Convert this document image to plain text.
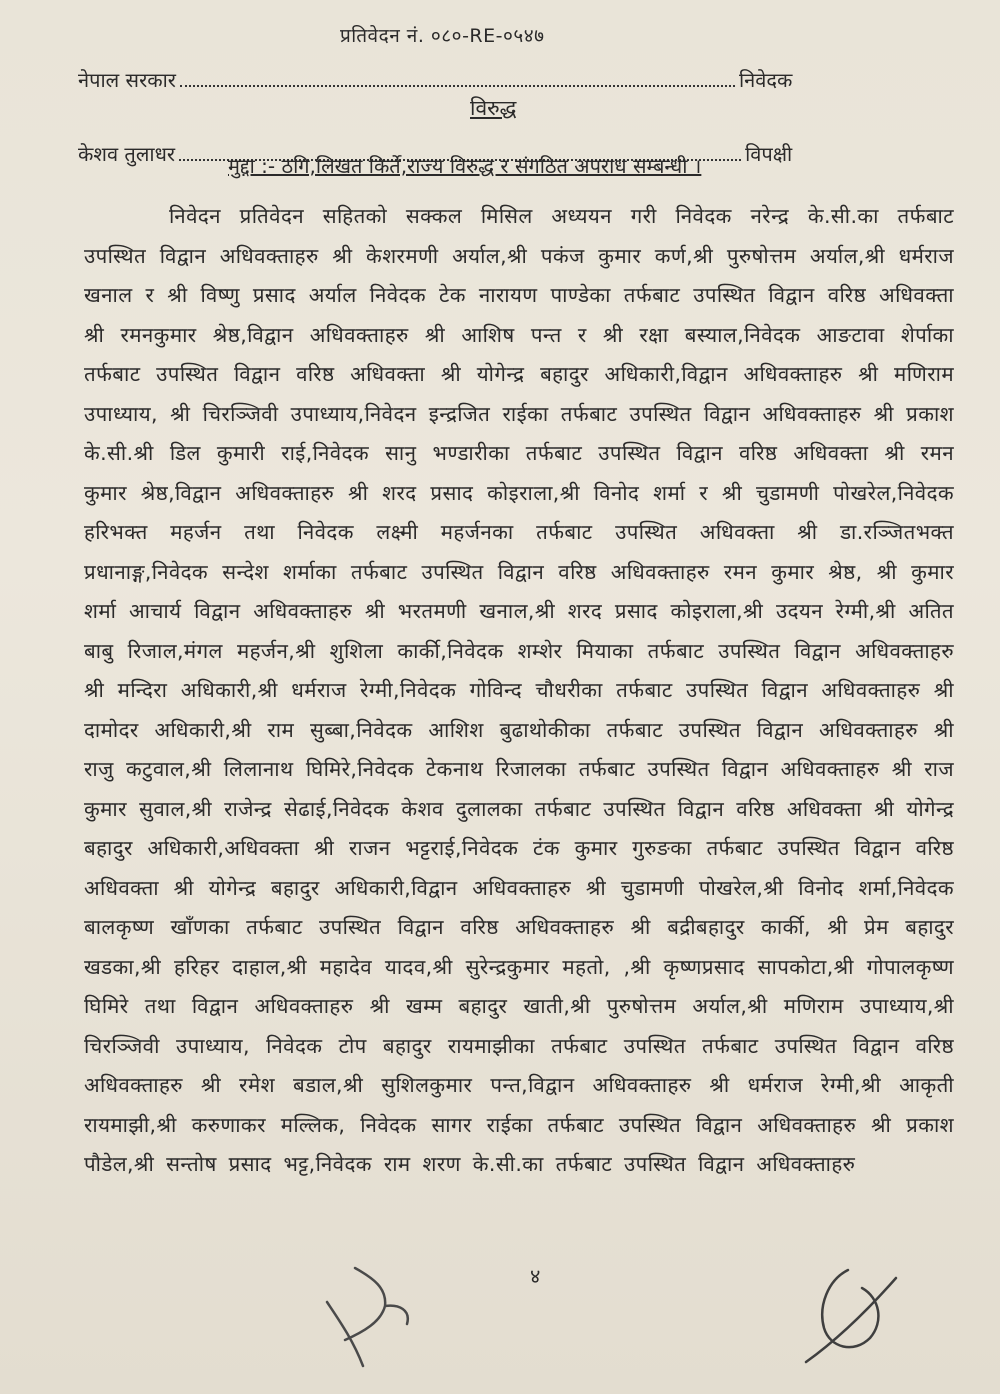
प्रतिवेदन नं. ०८०-RE-०५४७
नेपाल सरकार	निवेदक
विरुद्ध
केशव तुलाधर	विपक्षी
मुद्दा :- ठगि,लिखत किर्ते,राज्य विरुद्ध र संगठित अपराध सम्बन्धी ।
निवेदन प्रतिवेदन सहितको सक्कल मिसिल अध्ययन गरी निवेदक नरेन्द्र के.सी.का तर्फबाट उपस्थित विद्वान अधिवक्ताहरु श्री केशरमणी अर्याल,श्री पकंज कुमार कर्ण,श्री पुरुषोत्तम अर्याल,श्री धर्मराज खनाल र श्री विष्णु प्रसाद अर्याल निवेदक टेक नारायण पाण्डेका तर्फबाट उपस्थित विद्वान वरिष्ठ अधिवक्ता श्री रमनकुमार श्रेष्ठ,विद्वान अधिवक्ताहरु श्री आशिष पन्त र श्री रक्षा बस्याल,निवेदक आङटावा शेर्पाका तर्फबाट उपस्थित विद्वान वरिष्ठ अधिवक्ता श्री योगेन्द्र बहादुर अधिकारी,विद्वान अधिवक्ताहरु श्री मणिराम उपाध्याय, श्री चिरञ्जिवी उपाध्याय,निवेदन इन्द्रजित राईका तर्फबाट उपस्थित विद्वान अधिवक्ताहरु श्री प्रकाश के.सी.श्री डिल कुमारी राई,निवेदक सानु भण्डारीका तर्फबाट उपस्थित विद्वान वरिष्ठ अधिवक्ता श्री रमन कुमार श्रेष्ठ,विद्वान अधिवक्ताहरु श्री शरद प्रसाद कोइराला,श्री विनोद शर्मा र श्री चुडामणी पोखरेल,निवेदक हरिभक्त महर्जन तथा निवेदक लक्ष्मी महर्जनका तर्फबाट उपस्थित अधिवक्ता श्री डा.रञ्जितभक्त प्रधानाङ्ग,निवेदक सन्देश शर्माका तर्फबाट उपस्थित विद्वान वरिष्ठ अधिवक्ताहरु रमन कुमार श्रेष्ठ, श्री कुमार शर्मा आचार्य विद्वान अधिवक्ताहरु श्री भरतमणी खनाल,श्री शरद प्रसाद कोइराला,श्री उदयन रेग्मी,श्री अतित बाबु रिजाल,मंगल महर्जन,श्री शुशिला कार्की,निवेदक शम्शेर मियाका तर्फबाट उपस्थित विद्वान अधिवक्ताहरु श्री मन्दिरा अधिकारी,श्री धर्मराज रेग्मी,निवेदक गोविन्द चौधरीका तर्फबाट उपस्थित विद्वान अधिवक्ताहरु श्री दामोदर अधिकारी,श्री राम सुब्बा,निवेदक आशिश बुढाथोकीका तर्फबाट उपस्थित विद्वान अधिवक्ताहरु श्री राजु कटुवाल,श्री लिलानाथ घिमिरे,निवेदक टेकनाथ रिजालका तर्फबाट उपस्थित विद्वान अधिवक्ताहरु श्री राज कुमार सुवाल,श्री राजेन्द्र सेढाई,निवेदक केशव दुलालका तर्फबाट उपस्थित विद्वान वरिष्ठ अधिवक्ता श्री योगेन्द्र बहादुर अधिकारी,अधिवक्ता श्री राजन भट्टराई,निवेदक टंक कुमार गुरुङका तर्फबाट उपस्थित विद्वान वरिष्ठ अधिवक्ता श्री योगेन्द्र बहादुर अधिकारी,विद्वान अधिवक्ताहरु श्री चुडामणी पोखरेल,श्री विनोद शर्मा,निवेदक बालकृष्ण खाँणका तर्फबाट उपस्थित विद्वान वरिष्ठ अधिवक्ताहरु श्री बद्रीबहादुर कार्की, श्री प्रेम बहादुर खडका,श्री हरिहर दाहाल,श्री महादेव यादव,श्री सुरेन्द्रकुमार महतो, ,श्री कृष्णप्रसाद सापकोटा,श्री गोपालकृष्ण घिमिरे तथा विद्वान अधिवक्ताहरु श्री खम्म बहादुर खाती,श्री पुरुषोत्तम अर्याल,श्री मणिराम उपाध्याय,श्री चिरञ्जिवी उपाध्याय, निवेदक टोप बहादुर रायमाझीका तर्फबाट उपस्थित तर्फबाट उपस्थित विद्वान वरिष्ठ अधिवक्ताहरु श्री रमेश बडाल,श्री सुशिलकुमार पन्त,विद्वान अधिवक्ताहरु श्री धर्मराज रेग्मी,श्री आकृती रायमाझी,श्री करुणाकर मल्लिक, निवेदक सागर राईका तर्फबाट उपस्थित विद्वान अधिवक्ताहरु श्री प्रकाश पौडेल,श्री सन्तोष प्रसाद भट्ट,निवेदक राम शरण के.सी.का तर्फबाट उपस्थित विद्वान अधिवक्ताहरु
४
